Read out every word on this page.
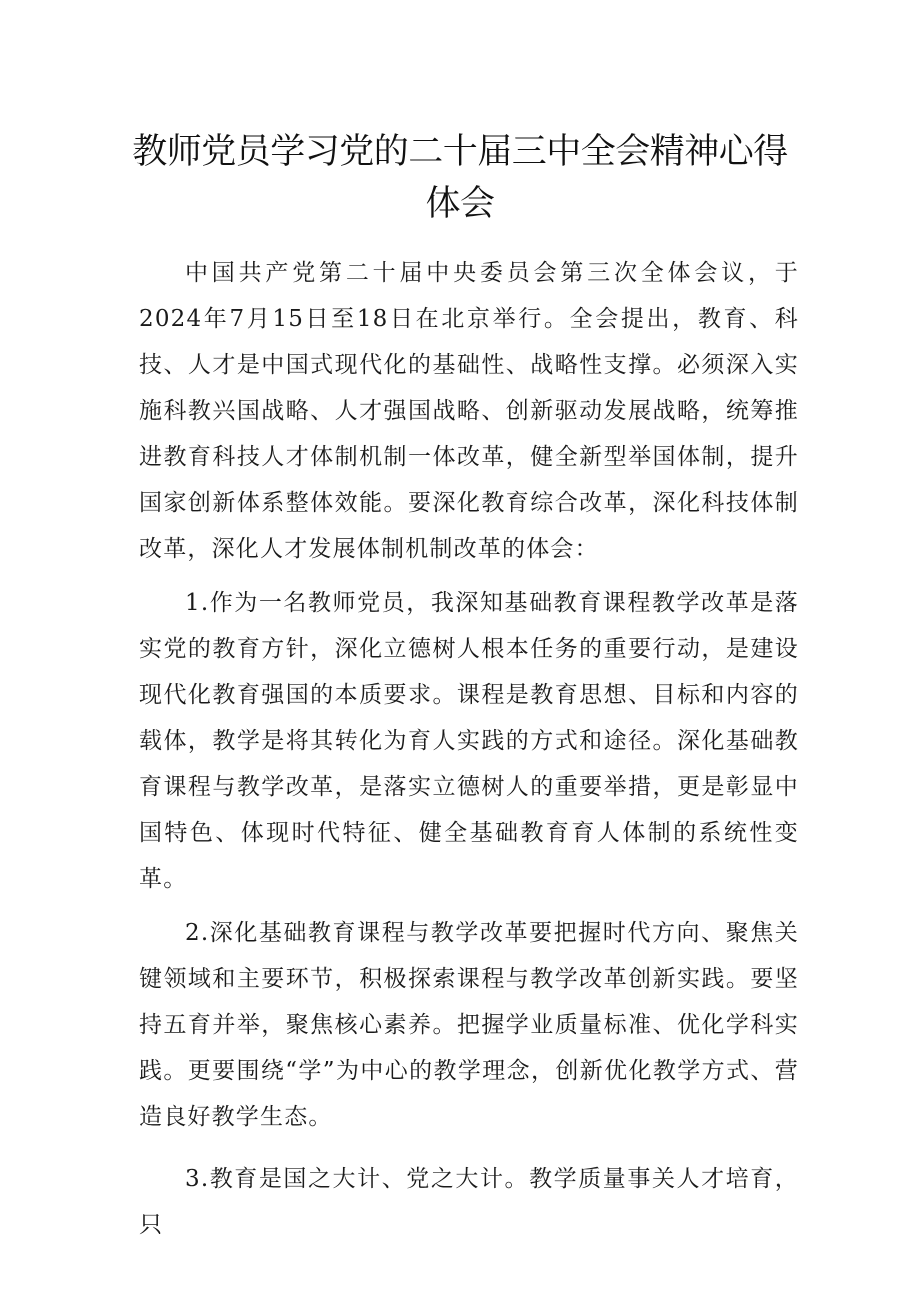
教师党员学习党的二十届三中全会精神心得体会

中国共产党第二十届中央委员会第三次全体会议，于2024年7月15日至18日在北京举行。全会提出，教育、科技、人才是中国式现代化的基础性、战略性支撑。必须深入实施科教兴国战略、人才强国战略、创新驱动发展战略，统筹推进教育科技人才体制机制一体改革，健全新型举国体制，提升国家创新体系整体效能。要深化教育综合改革，深化科技体制改革，深化人才发展体制机制改革的体会：

1.作为一名教师党员，我深知基础教育课程教学改革是落实党的教育方针，深化立德树人根本任务的重要行动，是建设现代化教育强国的本质要求。课程是教育思想、目标和内容的载体，教学是将其转化为育人实践的方式和途径。深化基础教育课程与教学改革，是落实立德树人的重要举措，更是彰显中国特色、体现时代特征、健全基础教育育人体制的系统性变革。

2.深化基础教育课程与教学改革要把握时代方向、聚焦关键领域和主要环节，积极探索课程与教学改革创新实践。要坚持五育并举，聚焦核心素养。把握学业质量标准、优化学科实践。更要围绕“学”为中心的教学理念，创新优化教学方式、营造良好教学生态。

3.教育是国之大计、党之大计。教学质量事关人才培育，只
